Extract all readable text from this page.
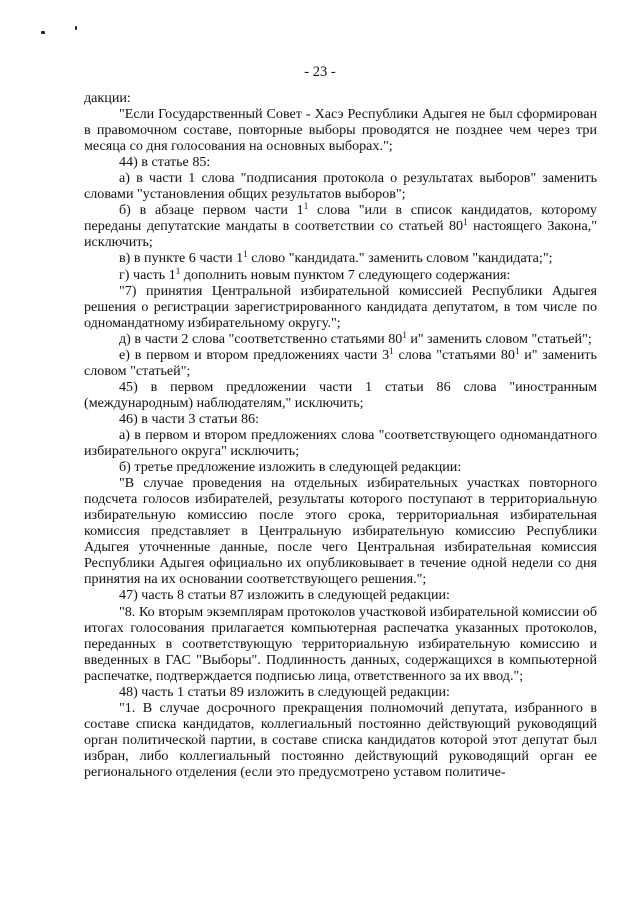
- 23 -

дакции:

"Если Государственный Совет - Хасэ Республики Адыгея не был сформирован в правомочном составе, повторные выборы проводятся не позднее чем через три месяца со дня голосования на основных выборах.";

44) в статье 85:

а) в части 1 слова "подписания протокола о результатах выборов" заменить словами "установления общих результатов выборов";

б) в абзаце первом части $1^1$ слова "или в список кандидатов, которому переданы депутатские мандаты в соответствии со статьей $80^1$ настоящего Закона," исключить;

в) в пункте 6 части $1^1$ слово "кандидата." заменить словом "кандидата;";

г) часть $1^1$ дополнить новым пунктом 7 следующего содержания:

"7) принятия Центральной избирательной комиссией Республики Адыгея решения о регистрации зарегистрированного кандидата депутатом, в том числе по одномандатному избирательному округу.";

д) в части 2 слова "соответственно статьями $80^1$ и" заменить словом "статьей";

е) в первом и втором предложениях части $3^1$ слова "статьями $80^1$ и" заменить словом "статьей";

45) в первом предложении части 1 статьи 86 слова "иностранным (международным) наблюдателям," исключить;

46) в части 3 статьи 86:

а) в первом и втором предложениях слова "соответствующего одномандатного избирательного округа" исключить;

б) третье предложение изложить в следующей редакции:

"В случае проведения на отдельных избирательных участках повторного подсчета голосов избирателей, результаты которого поступают в территориальную избирательную комиссию после этого срока, территориальная избирательная комиссия представляет в Центральную избирательную комиссию Республики Адыгея уточненные данные, после чего Центральная избирательная комиссия Республики Адыгея официально их опубликовывает в течение одной недели со дня принятия на их основании соответствующего решения.";

47) часть 8 статьи 87 изложить в следующей редакции:

"8. Ко вторым экземплярам протоколов участковой избирательной комиссии об итогах голосования прилагается компьютерная распечатка указанных протоколов, переданных в соответствующую территориальную избирательную комиссию и введенных в ГАС "Выборы". Подлинность данных, содержащихся в компьютерной распечатке, подтверждается подписью лица, ответственного за их ввод.";

48) часть 1 статьи 89 изложить в следующей редакции:

"1. В случае досрочного прекращения полномочий депутата, избранного в составе списка кандидатов, коллегиальный постоянно действующий руководящий орган политической партии, в составе списка кандидатов которой этот депутат был избран, либо коллегиальный постоянно действующий руководящий орган ее регионального отделения (если это предусмотрено уставом политиче-
